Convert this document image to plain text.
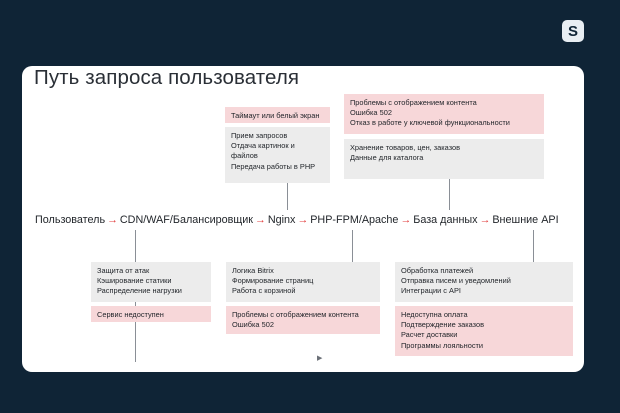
S
Путь запроса пользователя
Таймаут или белый экран
Прием запросов
Отдача картинок и
файлов
Передача работы в PHP
Проблемы с отображением контента
Ошибка 502
Отказ в работе у ключевой функциональности
Хранение товаров, цен, заказов
Данные для каталога
Пользователь → CDN/WAF/Балансировщик → Nginx → PHP-FPM/Apache → База данных → Внешние API
Защита от атак
Кэширование статики
Распределение нагрузки
Сервис недоступен
Логика Bitrix
Формирование страниц
Работа с корзиной
Проблемы с отображением контента
Ошибка 502
Обработка платежей
Отправка писем и уведомлений
Интеграции с API
Недоступна оплата
Подтверждение заказов
Расчет доставки
Программы лояльности
▶
